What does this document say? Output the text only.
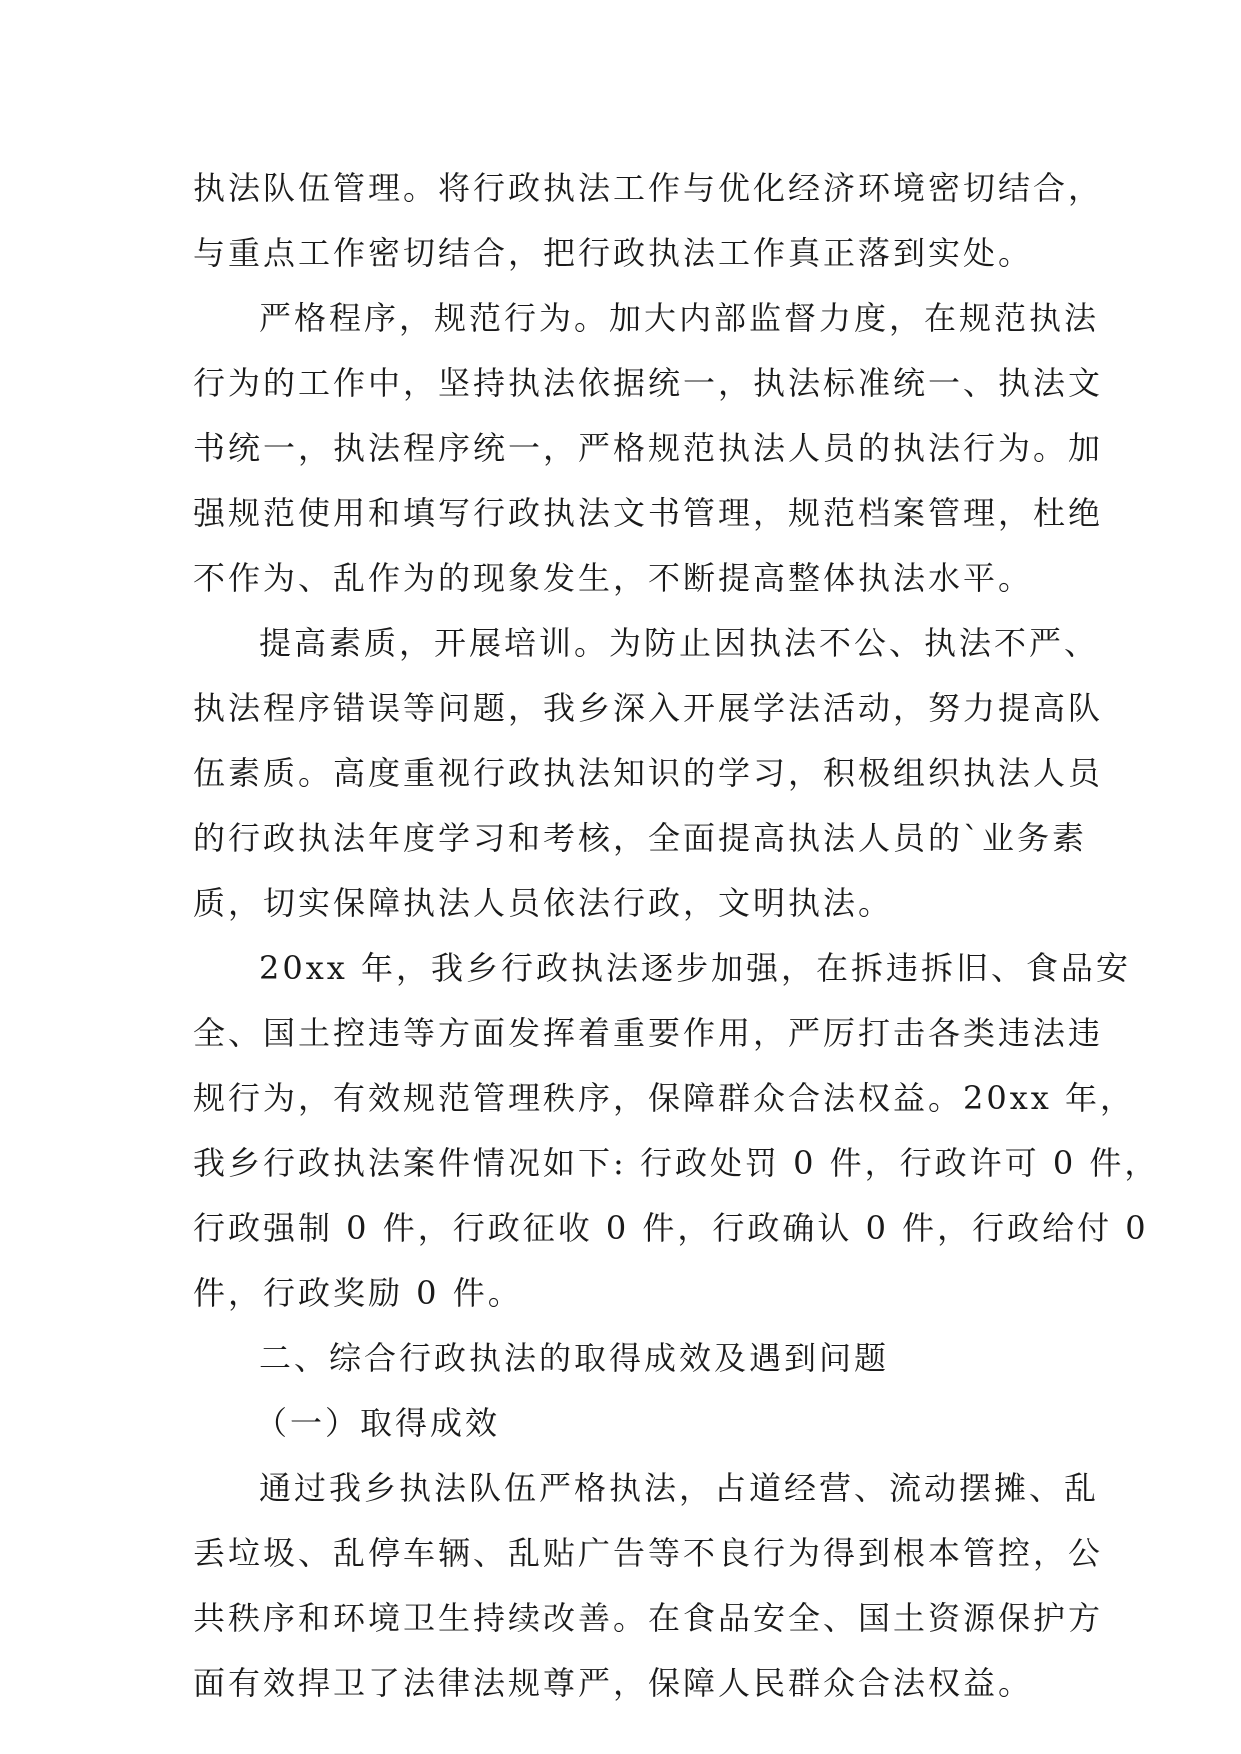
执法队伍管理。将行政执法工作与优化经济环境密切结合，
与重点工作密切结合，把行政执法工作真正落到实处。
严格程序，规范行为。加大内部监督力度，在规范执法
行为的工作中，坚持执法依据统一，执法标准统一、执法文
书统一，执法程序统一，严格规范执法人员的执法行为。加
强规范使用和填写行政执法文书管理，规范档案管理，杜绝
不作为、乱作为的现象发生，不断提高整体执法水平。
提高素质，开展培训。为防止因执法不公、执法不严、
执法程序错误等问题，我乡深入开展学法活动，努力提高队
伍素质。高度重视行政执法知识的学习，积极组织执法人员
的行政执法年度学习和考核，全面提高执法人员的`业务素
质，切实保障执法人员依法行政，文明执法。
20xx 年，我乡行政执法逐步加强，在拆违拆旧、食品安
全、国土控违等方面发挥着重要作用，严厉打击各类违法违
规行为，有效规范管理秩序，保障群众合法权益。20xx 年，
我乡行政执法案件情况如下: 行政处罚 0 件，行政许可 0 件，
行政强制 0 件，行政征收 0 件，行政确认 0 件，行政给付 0
件，行政奖励 0 件。
二、综合行政执法的取得成效及遇到问题
（一）取得成效
通过我乡执法队伍严格执法，占道经营、流动摆摊、乱
丢垃圾、乱停车辆、乱贴广告等不良行为得到根本管控，公
共秩序和环境卫生持续改善。在食品安全、国土资源保护方
面有效捍卫了法律法规尊严，保障人民群众合法权益。
